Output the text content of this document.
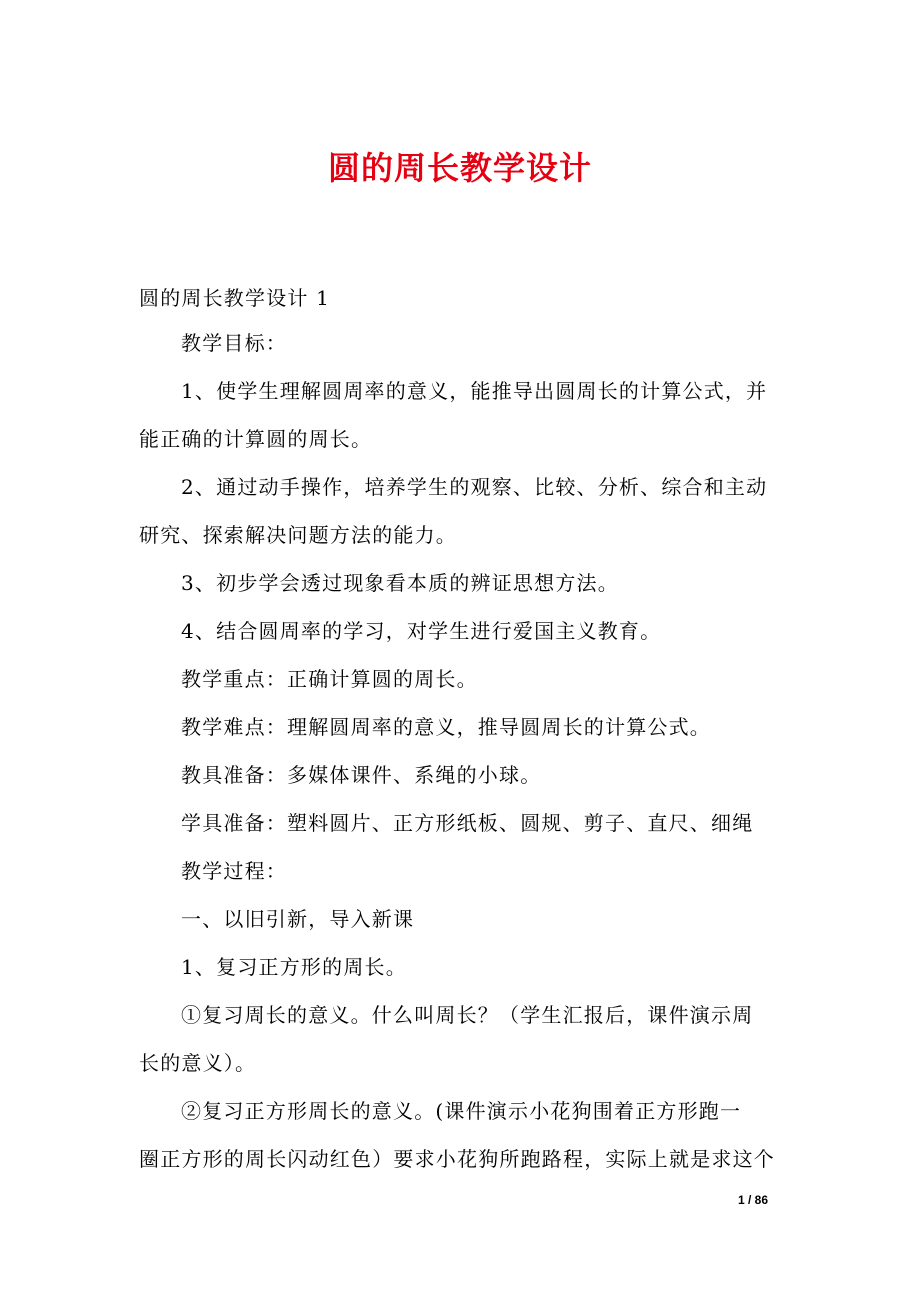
圆的周长教学设计
圆的周长教学设计 1
教学目标：
1、使学生理解圆周率的意义，能推导出圆周长的计算公式，并
能正确的计算圆的周长。
2、通过动手操作，培养学生的观察、比较、分析、综合和主动
研究、探索解决问题方法的能力。
3、初步学会透过现象看本质的辨证思想方法。
4、结合圆周率的学习，对学生进行爱国主义教育。
教学重点：正确计算圆的周长。
教学难点：理解圆周率的意义，推导圆周长的计算公式。
教具准备：多媒体课件、系绳的小球。
学具准备：塑料圆片、正方形纸板、圆规、剪子、直尺、细绳
教学过程：
一、以旧引新，导入新课
1、复习正方形的周长。
①复习周长的意义。什么叫周长？（学生汇报后，课件演示周
长的意义）。
②复习正方形周长的意义。(课件演示小花狗围着正方形跑一
圈正方形的周长闪动红色）要求小花狗所跑路程，实际上就是求这个
1 / 86
